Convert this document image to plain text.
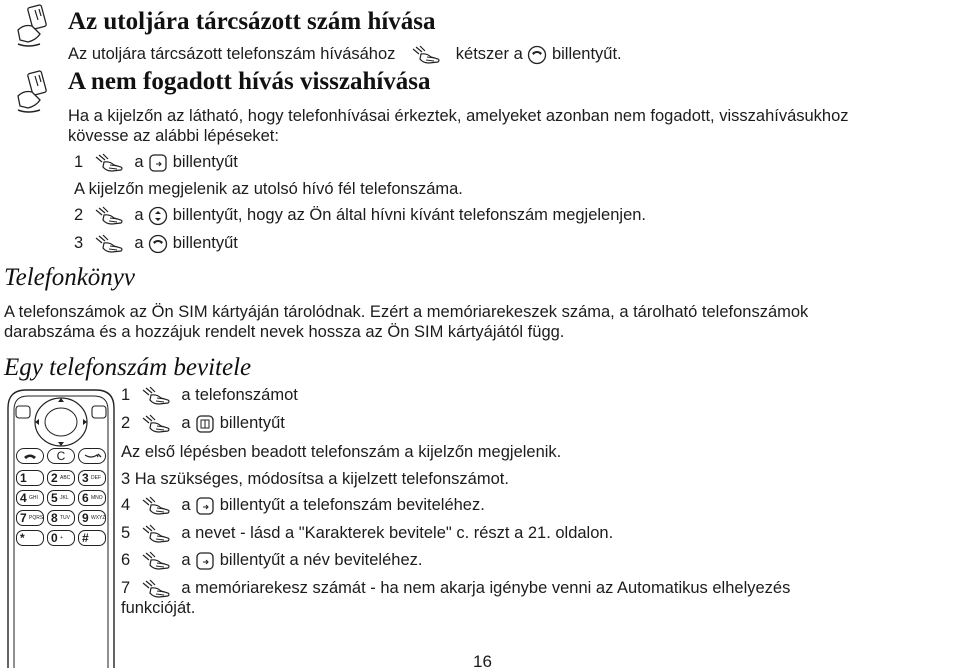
Az utoljára tárcsázott szám hívása
Az utoljára tárcsázott telefonszám hívásához	kétszer a billentyűt.
A nem fogadott hívás visszahívása
Ha a kijelzőn az látható, hogy telefonhívásai érkeztek, amelyeket azonban nem fogadott, visszahívásukhoz
kövesse az alábbi lépéseket:
1	a billentyűt
A kijelzőn megjelenik az utolsó hívó fél telefonszáma.
2	a billentyűt, hogy az Ön által hívni kívánt telefonszám megjelenjen.
3	a billentyűt
Telefonkönyv
A telefonszámok az Ön SIM kártyáján tárolódnak. Ezért a memóriarekeszek száma, a tárolható telefonszámok
darabszáma és a hozzájuk rendelt nevek hossza az Ön SIM kártyájától függ.
Egy telefonszám bevitele
1	a telefonszámot
2	a billentyűt
Az első lépésben beadott telefonszám a kijelzőn megjelenik.
3 Ha szükséges, módosítsa a kijelzett telefonszámot.
4	a billentyűt a telefonszám beviteléhez.
5	a nevet - lásd a "Karakterek bevitele" c. részt a 21. oldalon.
6	a billentyűt a név beviteléhez.
7	a memóriarekesz számát - ha nem akarja igénybe venni az Automatikus elhelyezés
funkcióját.
C
1 2 ABC 3 DEF
4 GHI 5 JKL 6 MNO
7 PQRS 8 TUV 9 WXYZ
* 0 + #
16
